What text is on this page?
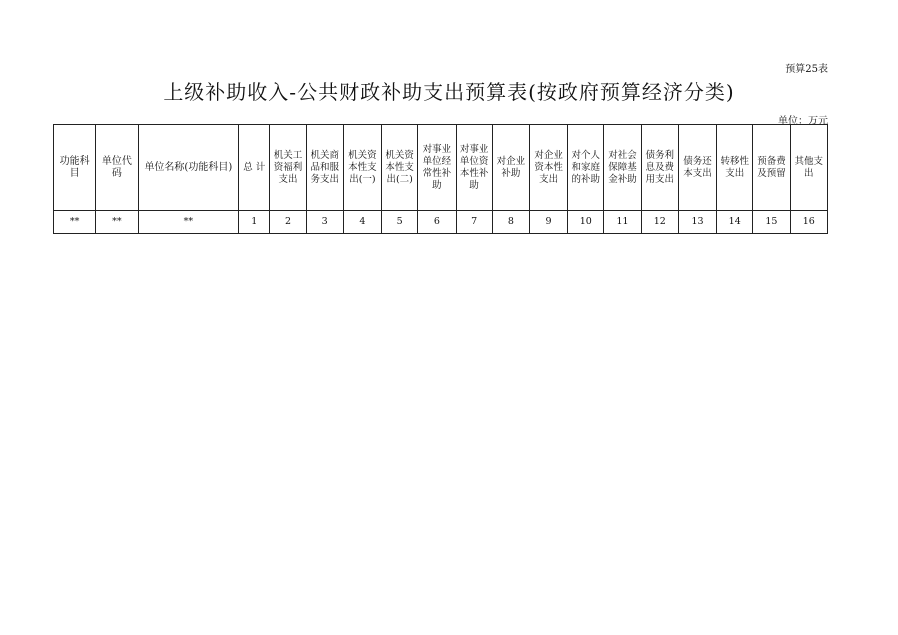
预算25表
上级补助收入-公共财政补助支出预算表(按政府预算经济分类)
单位：万元
功能科目	单位代码	单位名称(功能科目)	总 计	机关工资福利支出	机关商品和服务支出	机关资本性支出(一)	机关资本性支出(二)	对事业单位经常性补助	对事业单位资本性补助	对企业补助	对企业资本性支出	对个人和家庭的补助	对社会保障基金补助	债务利息及费用支出	债务还本支出	转移性支出	预备费及预留	其他支出
**	**	**	1	2	3	4	5	6	7	8	9	10	11	12	13	14	15	16
